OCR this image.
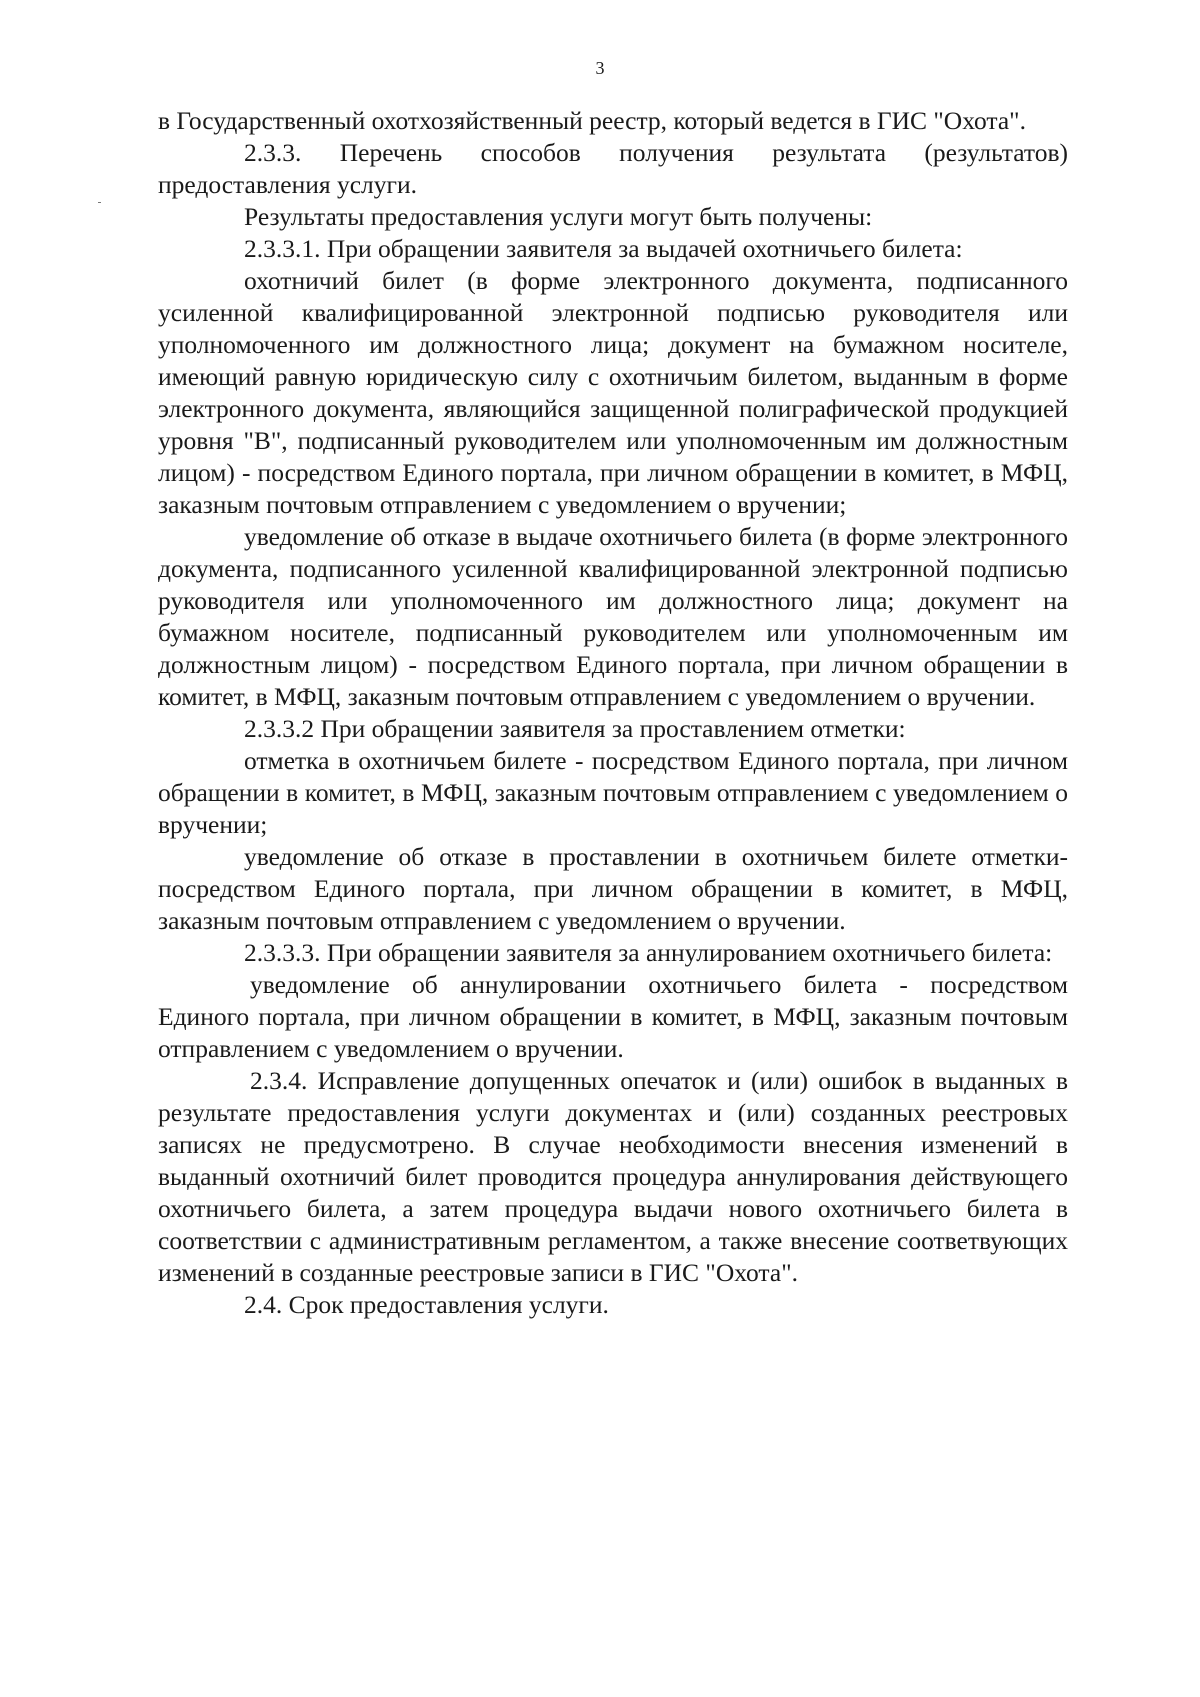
3

в Государственный охотхозяйственный реестр, который ведется в ГИС "Охота".

2.3.3. Перечень способов получения результата (результатов) предоставления услуги.

Результаты предоставления услуги могут быть получены:

2.3.3.1. При обращении заявителя за выдачей охотничьего билета:

охотничий билет (в форме электронного документа, подписанного усиленной квалифицированной электронной подписью руководителя или уполномоченного им должностного лица; документ на бумажном носителе, имеющий равную юридическую силу с охотничьим билетом, выданным в форме электронного документа, являющийся защищенной полиграфической продукцией уровня "В", подписанный руководителем или уполномоченным им должностным лицом) - посредством Единого портала, при личном обращении в комитет, в МФЦ, заказным почтовым отправлением с уведомлением о вручении;

уведомление об отказе в выдаче охотничьего билета (в форме электронного документа, подписанного усиленной квалифицированной электронной подписью руководителя или уполномоченного им должностного лица; документ на бумажном носителе, подписанный руководителем или уполномоченным им должностным лицом) - посредством Единого портала, при личном обращении в комитет, в МФЦ, заказным почтовым отправлением с уведомлением о вручении.

2.3.3.2 При обращении заявителя за проставлением отметки:

отметка в охотничьем билете - посредством Единого портала, при личном обращении в комитет, в МФЦ, заказным почтовым отправлением с уведомлением о вручении;

уведомление об отказе в проставлении в охотничьем билете отметки-посредством Единого портала, при личном обращении в комитет, в МФЦ, заказным почтовым отправлением с уведомлением о вручении.

2.3.3.3. При обращении заявителя за аннулированием охотничьего билета:

уведомление об аннулировании охотничьего билета - посредством Единого портала, при личном обращении в комитет, в МФЦ, заказным почтовым отправлением с уведомлением о вручении.

2.3.4. Исправление допущенных опечаток и (или) ошибок в выданных в результате предоставления услуги документах и (или) созданных реестровых записях не предусмотрено. В случае необходимости внесения изменений в выданный охотничий билет проводится процедура аннулирования действующего охотничьего билета, а затем процедура выдачи нового охотничьего билета в соответствии с административным регламентом, а также внесение соответвующих изменений в созданные реестровые записи в ГИС "Охота".

2.4. Срок предоставления услуги.
